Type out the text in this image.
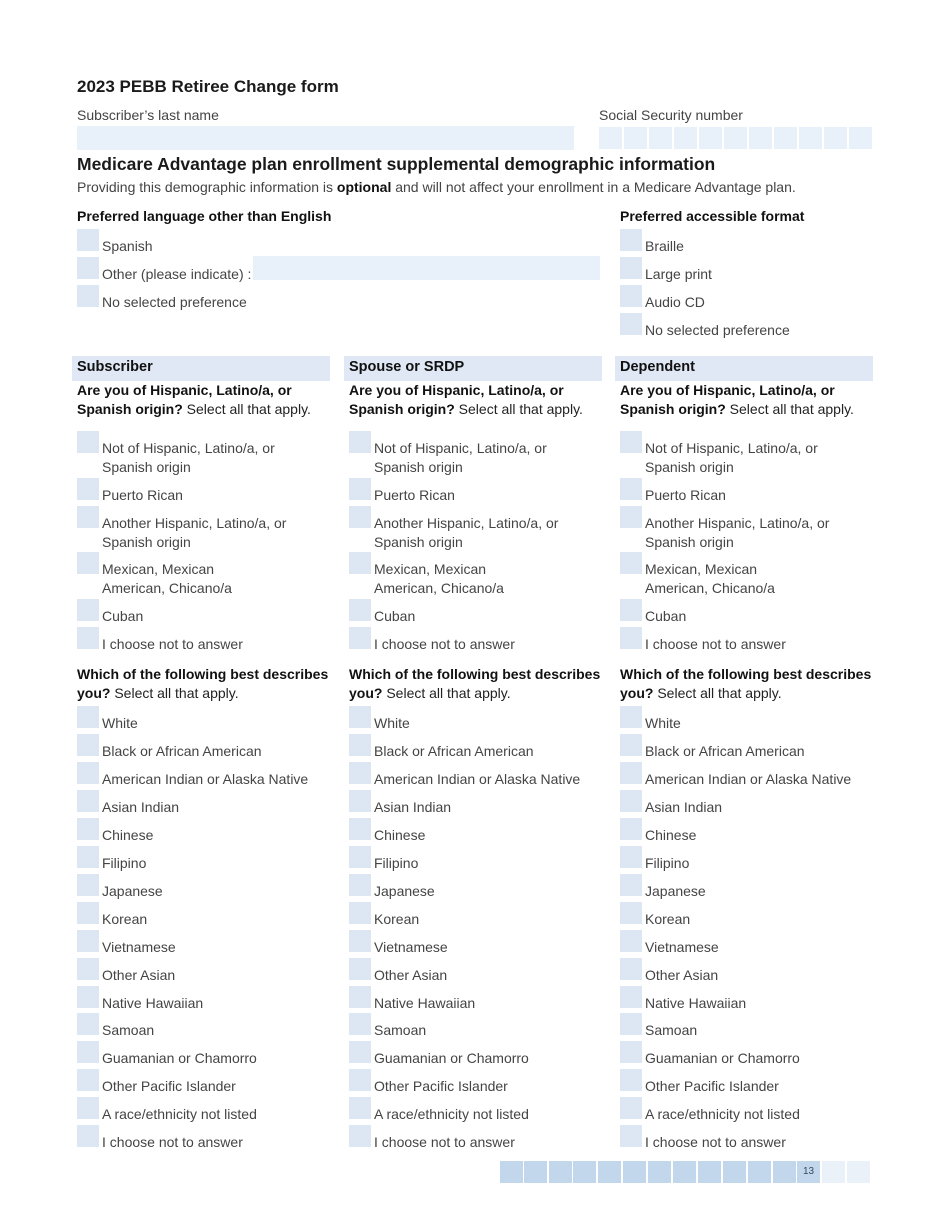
2023 PEBB Retiree Change form
Subscriber’s last name	Social Security number
Medicare Advantage plan enrollment supplemental demographic information
Providing this demographic information is optional and will not affect your enrollment in a Medicare Advantage plan.
Preferred language other than English
Spanish
Other (please indicate) :
No selected preference
Preferred accessible format
Braille
Large print
Audio CD
No selected preference
Subscriber
Are you of Hispanic, Latino/a, or Spanish origin? Select all that apply.
Not of Hispanic, Latino/a, or
Spanish origin
Puerto Rican
Another Hispanic, Latino/a, or
Spanish origin
Mexican, Mexican
American, Chicano/a
Cuban
I choose not to answer
Which of the following best describes you? Select all that apply.
White
Black or African American
American Indian or Alaska Native
Asian Indian
Chinese
Filipino
Japanese
Korean
Vietnamese
Other Asian
Native Hawaiian
Samoan
Guamanian or Chamorro
Other Pacific Islander
A race/ethnicity not listed
I choose not to answer
Spouse or SRDP
Are you of Hispanic, Latino/a, or Spanish origin? Select all that apply.
Not of Hispanic, Latino/a, or
Spanish origin
Puerto Rican
Another Hispanic, Latino/a, or
Spanish origin
Mexican, Mexican
American, Chicano/a
Cuban
I choose not to answer
Which of the following best describes you? Select all that apply.
White
Black or African American
American Indian or Alaska Native
Asian Indian
Chinese
Filipino
Japanese
Korean
Vietnamese
Other Asian
Native Hawaiian
Samoan
Guamanian or Chamorro
Other Pacific Islander
A race/ethnicity not listed
I choose not to answer
Dependent
Are you of Hispanic, Latino/a, or Spanish origin? Select all that apply.
Not of Hispanic, Latino/a, or
Spanish origin
Puerto Rican
Another Hispanic, Latino/a, or
Spanish origin
Mexican, Mexican
American, Chicano/a
Cuban
I choose not to answer
Which of the following best describes you? Select all that apply.
White
Black or African American
American Indian or Alaska Native
Asian Indian
Chinese
Filipino
Japanese
Korean
Vietnamese
Other Asian
Native Hawaiian
Samoan
Guamanian or Chamorro
Other Pacific Islander
A race/ethnicity not listed
I choose not to answer
13
